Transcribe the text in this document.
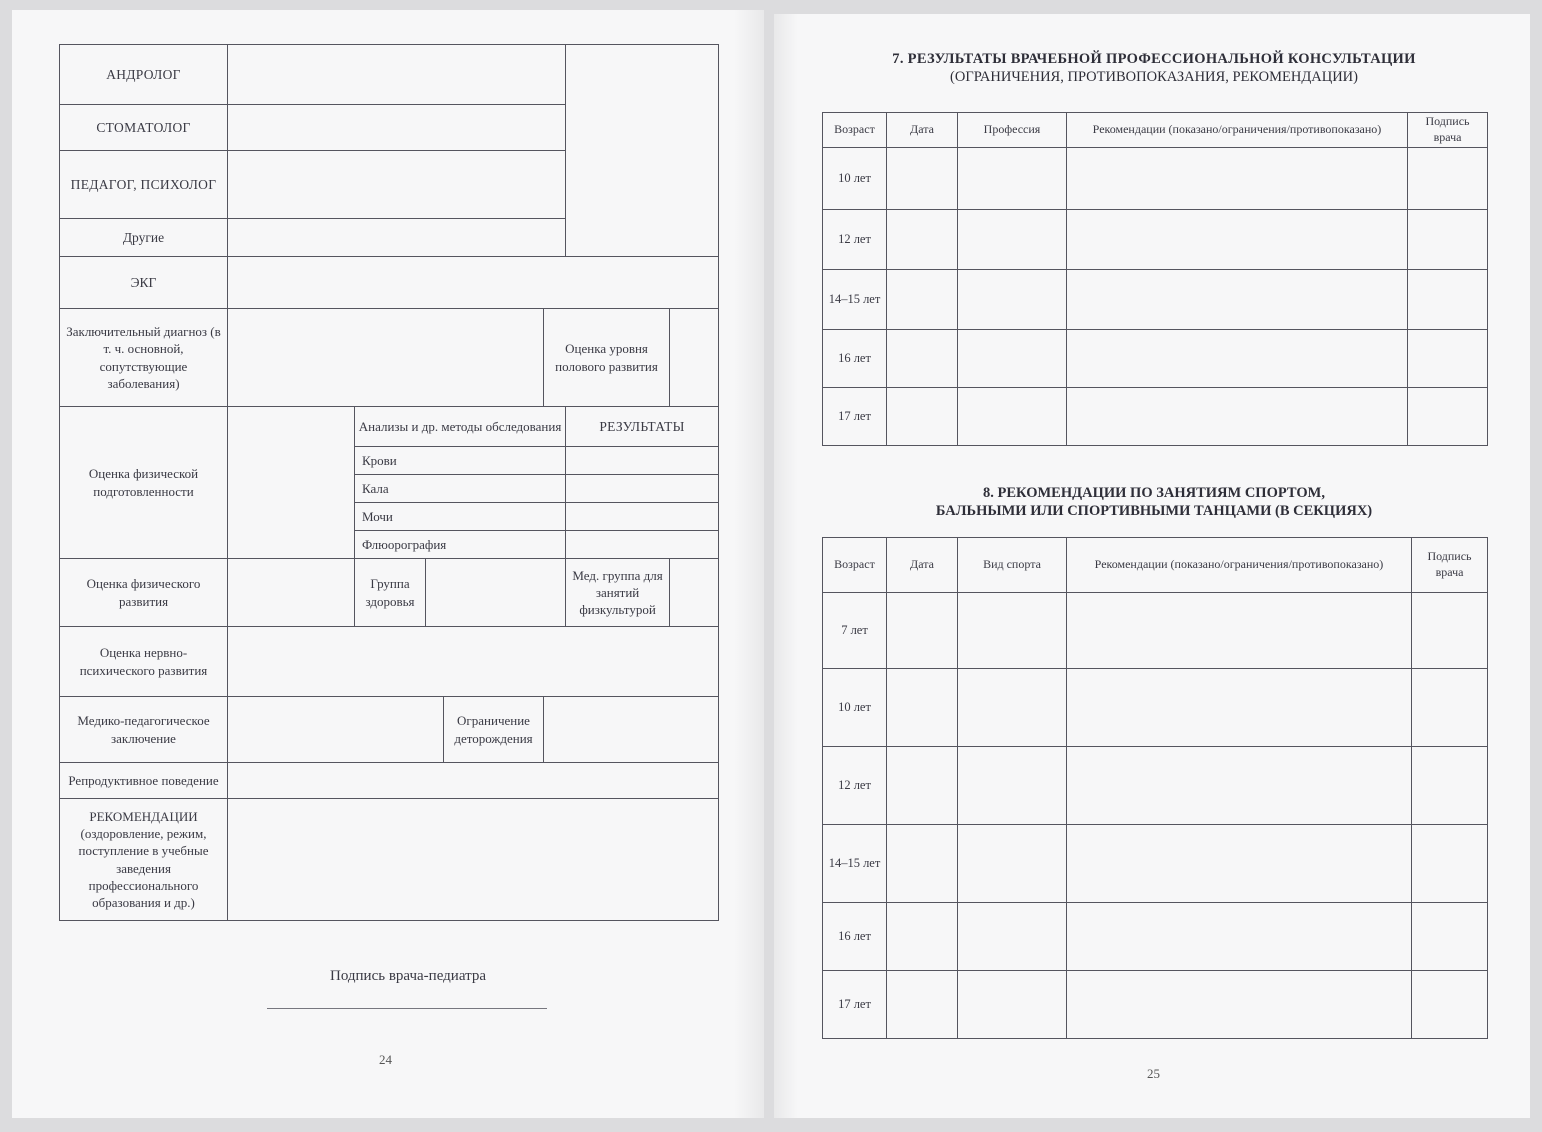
АНДРОЛОГ							
СТОМАТОЛОГ							
ПЕДАГОГ, ПСИХОЛОГ							
Другие							
ЭКГ							
Заключительный диагноз (в т. ч. основной, сопутствующие заболевания)					Оценка уровня полового развития		
Оценка физической подготовленности		Анализы и др. методы обследования				РЕЗУЛЬТАТЫ	
		Крови					
		Кала					
		Мочи					
		Флюорография					
Оценка физического развития		Группа здоровья				Мед. группа для занятий физкультурой	
Оценка нервно-психического развития							
Медико-педагогическое заключение				Ограничение деторождения			
Репродуктивное поведение							
РЕКОМЕНДАЦИИ (оздоровление, режим, поступление в учебные заведения профессионального образования и др.)							
Подпись врача-педиатра
24
7. РЕЗУЛЬТАТЫ ВРАЧЕБНОЙ ПРОФЕССИОНАЛЬНОЙ КОНСУЛЬТАЦИИ
(ОГРАНИЧЕНИЯ, ПРОТИВОПОКАЗАНИЯ, РЕКОМЕНДАЦИИ)
Возраст	Дата	Профессия	Рекомендации (показано/ограничения/противопоказано)	Подпись врача
10 лет				
12 лет				
14–15 лет				
16 лет				
17 лет				
8. РЕКОМЕНДАЦИИ ПО ЗАНЯТИЯМ СПОРТОМ,
БАЛЬНЫМИ ИЛИ СПОРТИВНЫМИ ТАНЦАМИ (В СЕКЦИЯХ)
Возраст	Дата	Вид спорта	Рекомендации (показано/ограничения/противопоказано)	Подпись врача
7 лет				
10 лет				
12 лет				
14–15 лет				
16 лет				
17 лет				
25
